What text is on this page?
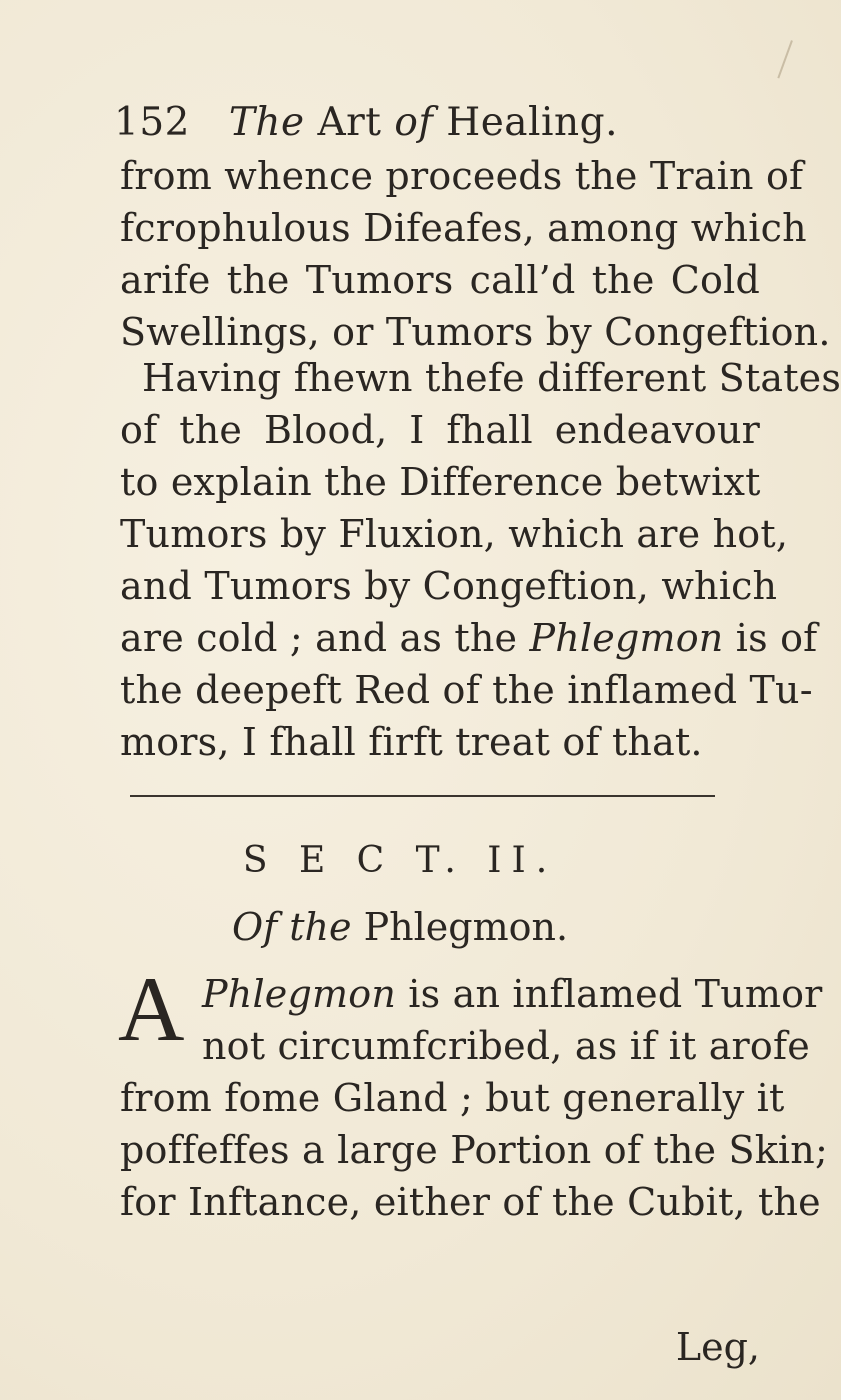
152 The Art of Healing.
from whence proceeds the Train of
fcrophulous Difeafes, among which
arife the Tumors call’d the Cold
Swellings, or Tumors by Congeftion.
Having fhewn thefe different States
of the Blood, I fhall endeavour
to explain the Difference betwixt
Tumors by Fluxion, which are hot,
and Tumors by Congeftion, which
are cold ; and as the Phlegmon is of
the deepeft Red of the inflamed Tu-
mors, I fhall firft treat of that.
S E C T. II.
Of the Phlegmon.
A Phlegmon is an inflamed Tumor
not circumfcribed, as if it arofe
from fome Gland ; but generally it
poffeffes a large Portion of the Skin;
for Inftance, either of the Cubit, the
Leg,
